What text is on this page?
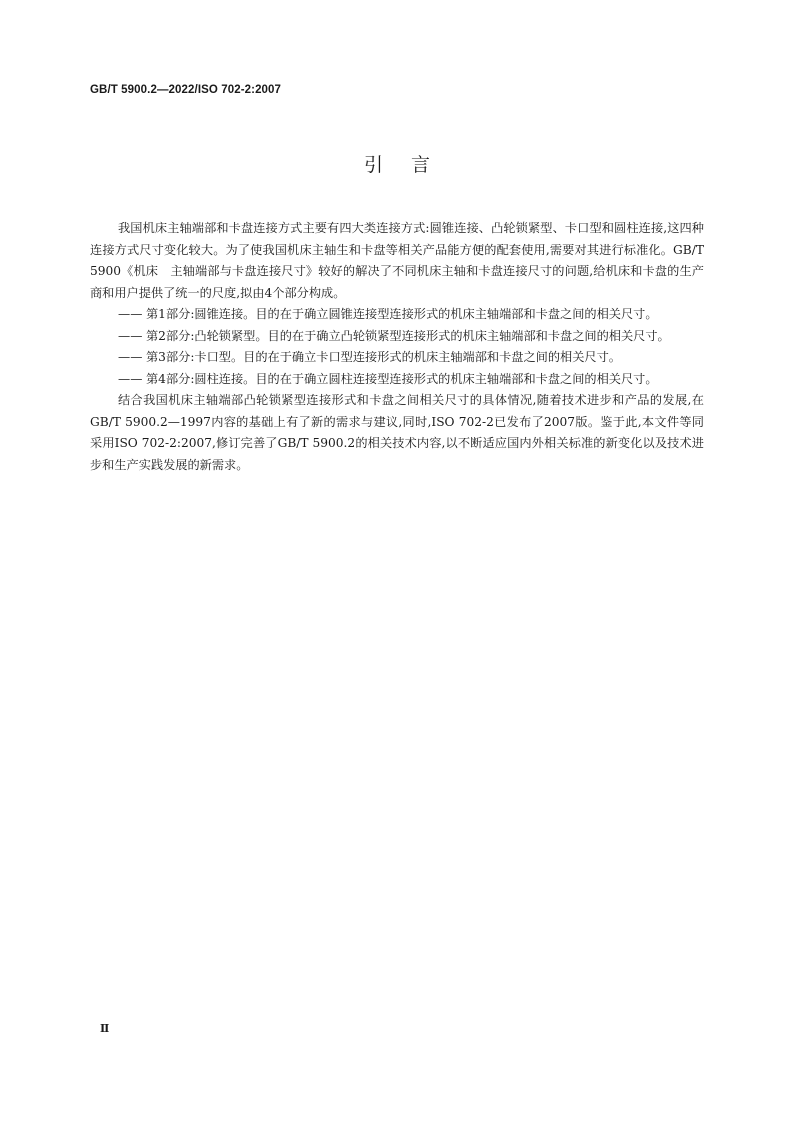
GB/T 5900.2—2022/ISO 702-2:2007
引言

我国机床主轴端部和卡盘连接方式主要有四大类连接方式:圆锥连接、凸轮锁紧型、卡口型和圆柱连接,这四种连接方式尺寸变化较大。为了使我国机床主轴生和卡盘等相关产品能方便的配套使用,需要对其进行标准化。GB/T 5900《机床　主轴端部与卡盘连接尺寸》较好的解决了不同机床主轴和卡盘连接尺寸的问题,给机床和卡盘的生产商和用户提供了统一的尺度,拟由4个部分构成。

—— 第1部分:圆锥连接。目的在于确立圆锥连接型连接形式的机床主轴端部和卡盘之间的相关尺寸。
—— 第2部分:凸轮锁紧型。目的在于确立凸轮锁紧型连接形式的机床主轴端部和卡盘之间的相关尺寸。
—— 第3部分:卡口型。目的在于确立卡口型连接形式的机床主轴端部和卡盘之间的相关尺寸。
—— 第4部分:圆柱连接。目的在于确立圆柱连接型连接形式的机床主轴端部和卡盘之间的相关尺寸。

结合我国机床主轴端部凸轮锁紧型连接形式和卡盘之间相关尺寸的具体情况,随着技术进步和产品的发展,在GB/T 5900.2—1997内容的基础上有了新的需求与建议,同时,ISO 702-2已发布了2007版。鉴于此,本文件等同采用ISO 702-2:2007,修订完善了GB/T 5900.2的相关技术内容,以不断适应国内外相关标准的新变化以及技术进步和生产实践发展的新需求。

Ⅱ
